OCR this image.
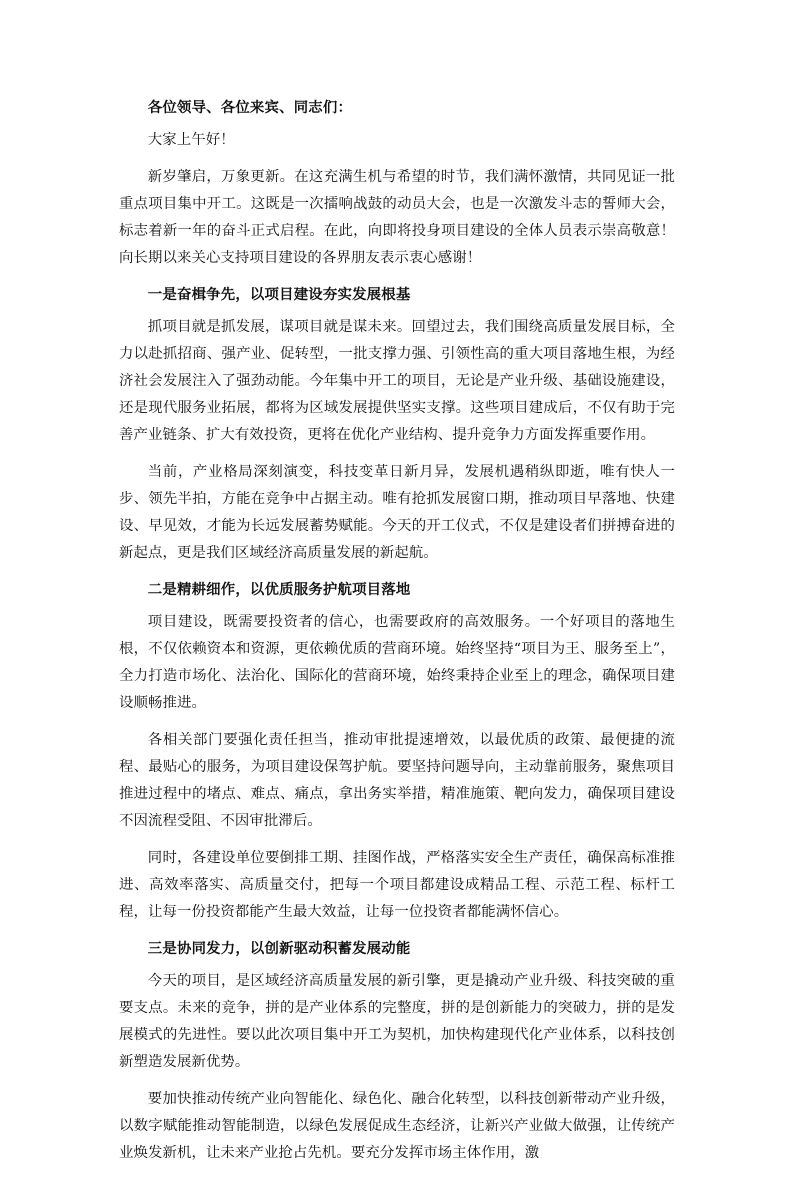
各位领导、各位来宾、同志们：

大家上午好！

新岁肇启，万象更新。在这充满生机与希望的时节，我们满怀激情，共同见证一批重点项目集中开工。这既是一次擂响战鼓的动员大会，也是一次激发斗志的誓师大会，标志着新一年的奋斗正式启程。在此，向即将投身项目建设的全体人员表示崇高敬意！向长期以来关心支持项目建设的各界朋友表示衷心感谢！

一是奋楫争先，以项目建设夯实发展根基

抓项目就是抓发展，谋项目就是谋未来。回望过去，我们围绕高质量发展目标，全力以赴抓招商、强产业、促转型，一批支撑力强、引领性高的重大项目落地生根，为经济社会发展注入了强劲动能。今年集中开工的项目，无论是产业升级、基础设施建设，还是现代服务业拓展，都将为区域发展提供坚实支撑。这些项目建成后，不仅有助于完善产业链条、扩大有效投资，更将在优化产业结构、提升竞争力方面发挥重要作用。

当前，产业格局深刻演变，科技变革日新月异，发展机遇稍纵即逝，唯有快人一步、领先半拍，方能在竞争中占据主动。唯有抢抓发展窗口期，推动项目早落地、快建设、早见效，才能为长远发展蓄势赋能。今天的开工仪式，不仅是建设者们拼搏奋进的新起点，更是我们区域经济高质量发展的新起航。

二是精耕细作，以优质服务护航项目落地

项目建设，既需要投资者的信心，也需要政府的高效服务。一个好项目的落地生根，不仅依赖资本和资源，更依赖优质的营商环境。始终坚持“项目为王、服务至上”，全力打造市场化、法治化、国际化的营商环境，始终秉持企业至上的理念，确保项目建设顺畅推进。

各相关部门要强化责任担当，推动审批提速增效，以最优质的政策、最便捷的流程、最贴心的服务，为项目建设保驾护航。要坚持问题导向，主动靠前服务，聚焦项目推进过程中的堵点、难点、痛点，拿出务实举措，精准施策、靶向发力，确保项目建设不因流程受阻、不因审批滞后。

同时，各建设单位要倒排工期、挂图作战，严格落实安全生产责任，确保高标准推进、高效率落实、高质量交付，把每一个项目都建设成精品工程、示范工程、标杆工程，让每一份投资都能产生最大效益，让每一位投资者都能满怀信心。

三是协同发力，以创新驱动积蓄发展动能

今天的项目，是区域经济高质量发展的新引擎，更是撬动产业升级、科技突破的重要支点。未来的竞争，拼的是产业体系的完整度，拼的是创新能力的突破力，拼的是发展模式的先进性。要以此次项目集中开工为契机，加快构建现代化产业体系，以科技创新塑造发展新优势。

要加快推动传统产业向智能化、绿色化、融合化转型，以科技创新带动产业升级，以数字赋能推动智能制造，以绿色发展促成生态经济，让新兴产业做大做强，让传统产业焕发新机，让未来产业抢占先机。要充分发挥市场主体作用，激
